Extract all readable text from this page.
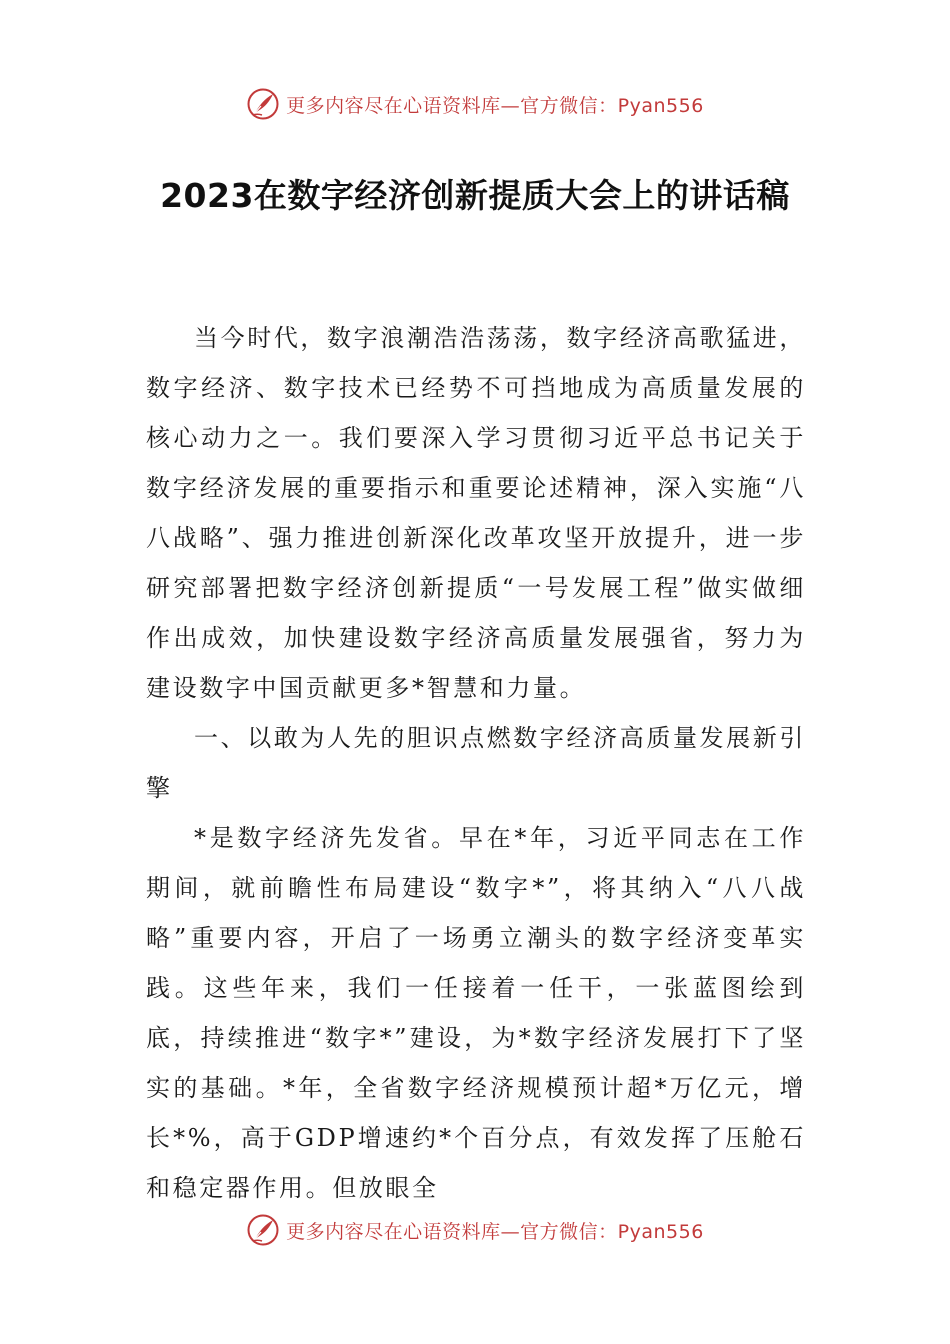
更多内容尽在心语资料库—官方微信：Pyan556
2023在数字经济创新提质大会上的讲话稿

当今时代，数字浪潮浩浩荡荡，数字经济高歌猛进，数字经济、数字技术已经势不可挡地成为高质量发展的核心动力之一。我们要深入学习贯彻习近平总书记关于数字经济发展的重要指示和重要论述精神，深入实施“八八战略”、强力推进创新深化改革攻坚开放提升，进一步研究部署把数字经济创新提质“一号发展工程”做实做细作出成效，加快建设数字经济高质量发展强省，努力为建设数字中国贡献更多*智慧和力量。

一、以敢为人先的胆识点燃数字经济高质量发展新引擎

*是数字经济先发省。早在*年，习近平同志在工作期间，就前瞻性布局建设“数字*”，将其纳入“八八战略”重要内容，开启了一场勇立潮头的数字经济变革实践。这些年来，我们一任接着一任干，一张蓝图绘到底，持续推进“数字*”建设，为*数字经济发展打下了坚实的基础。*年，全省数字经济规模预计超*万亿元，增长*%，高于GDP增速约*个百分点，有效发挥了压舱石和稳定器作用。但放眼全

更多内容尽在心语资料库—官方微信：Pyan556
